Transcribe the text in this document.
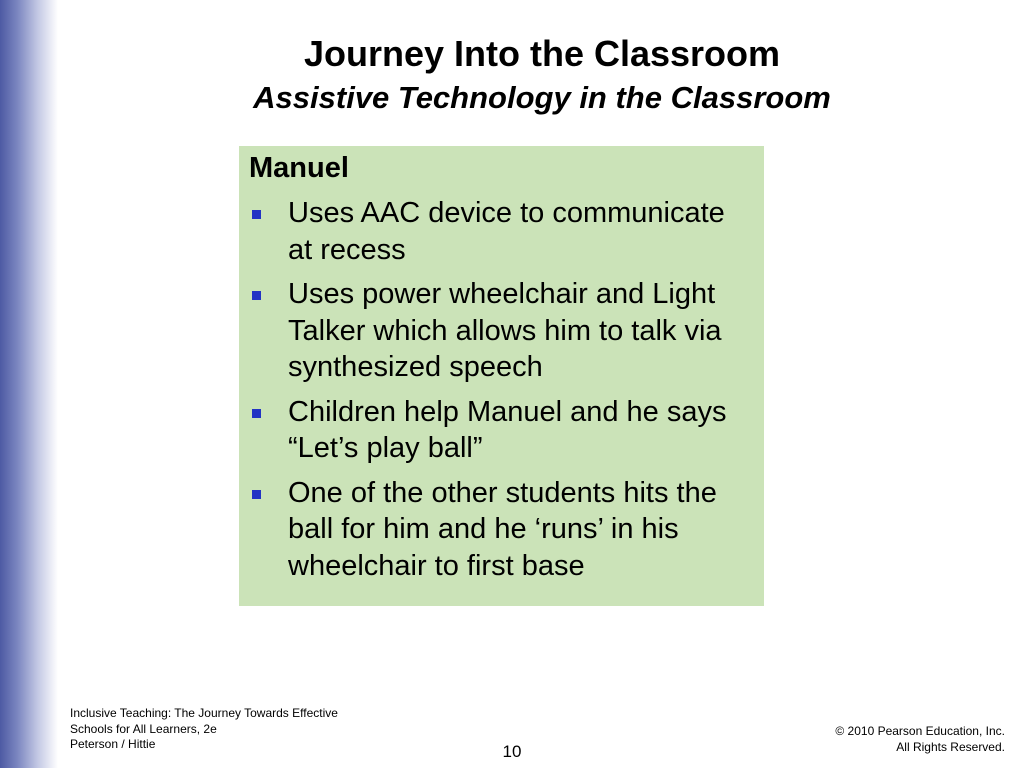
Journey Into the Classroom
Assistive Technology in the Classroom
Manuel
Uses AAC device to communicate at recess
Uses power wheelchair and Light Talker which allows him to talk via synthesized speech
Children help Manuel and he says “Let’s play ball”
One of the other students hits the ball for him and he ‘runs’ in his wheelchair to first base
Inclusive Teaching: The Journey Towards Effective
Schools for All Learners, 2e
Peterson / Hittie	10
© 2010 Pearson Education, Inc.
All Rights Reserved.
